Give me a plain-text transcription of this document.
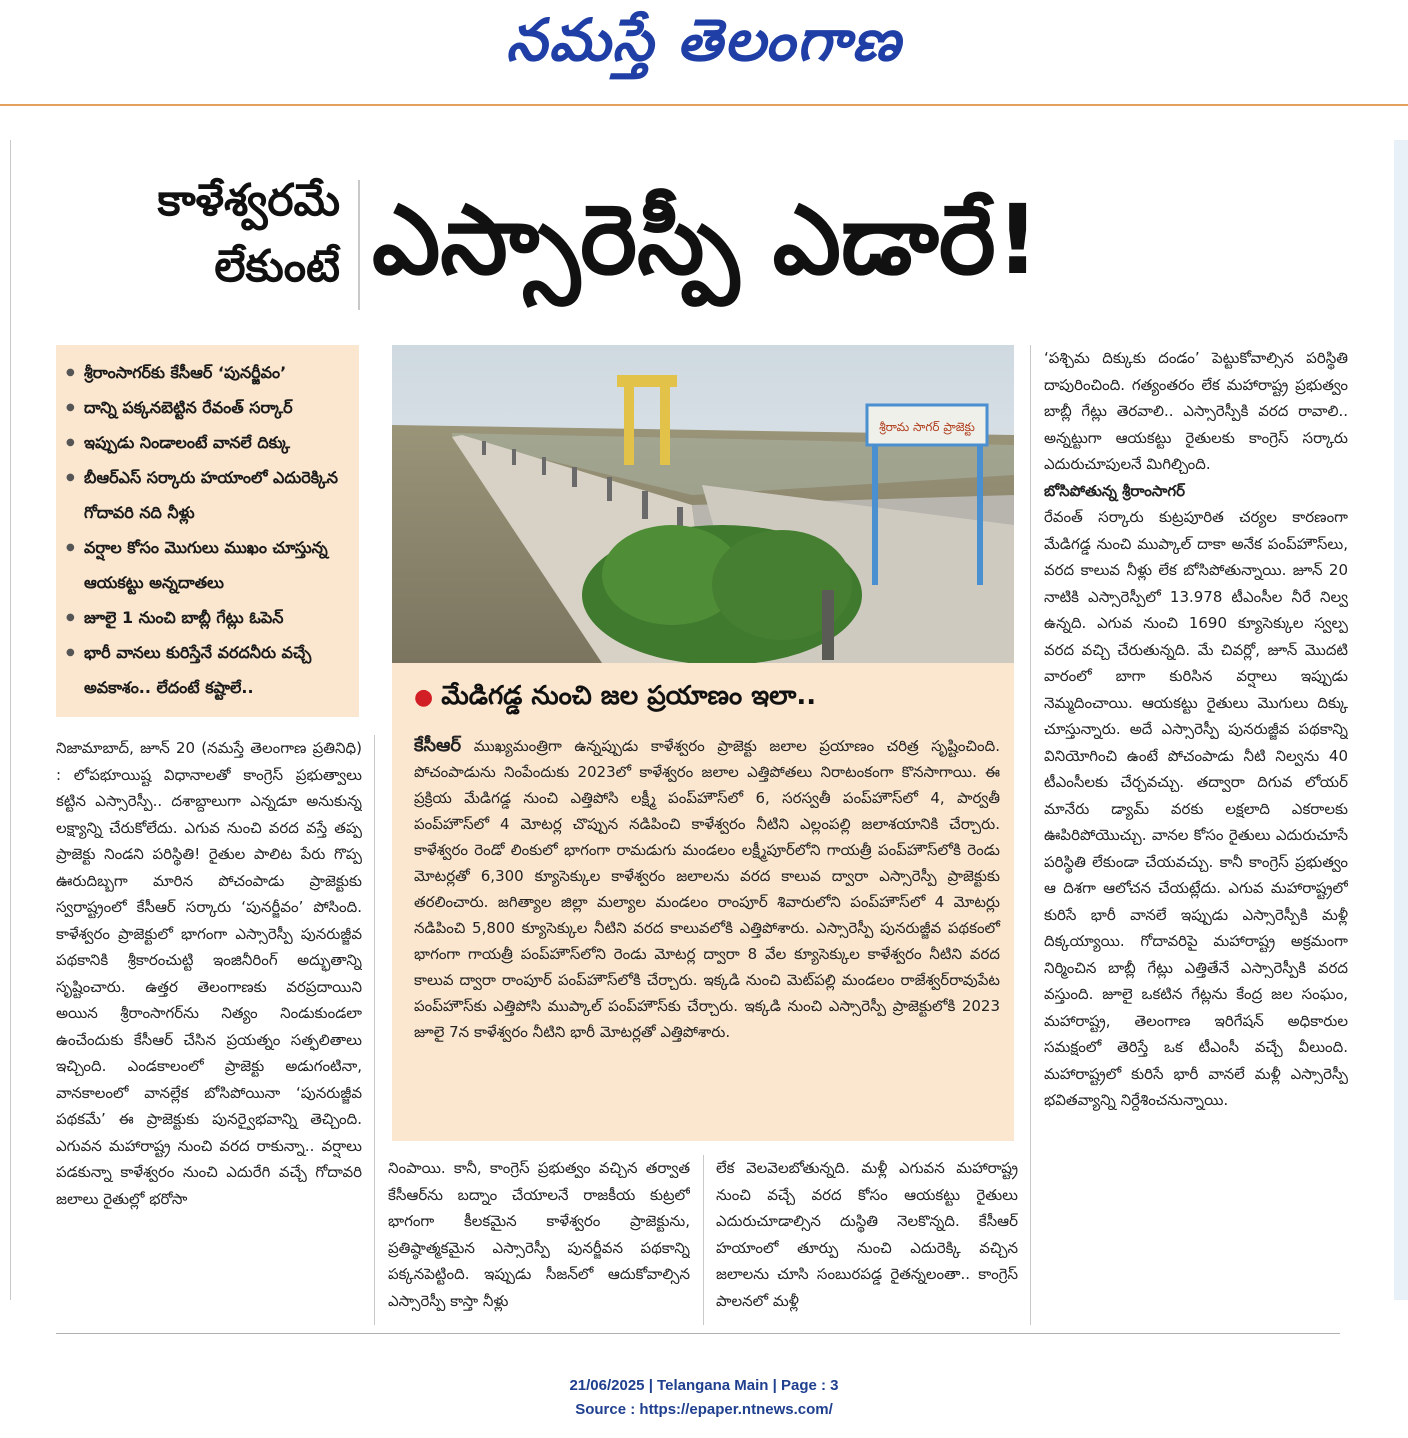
నమస్తే తెలంగాణ
కాళేశ్వరమే
లేకుంటే ఎస్సారెస్పీ ఎడారే!
● శ్రీరాంసాగర్‌కు కేసీఆర్ ‘పునర్జీవం’
● దాన్ని పక్కనబెట్టిన రేవంత్ సర్కార్
● ఇప్పుడు నిండాలంటే వానలే దిక్కు
● బీఆర్‌ఎస్ సర్కారు హయాంలో ఎదురెక్కిన గోదావరి నది నీళ్లు
● వర్షాల కోసం మొగులు ముఖం చూస్తున్న ఆయకట్టు అన్నదాతలు
● జూలై 1 నుంచి బాబ్లీ గేట్లు ఓపెన్
● భారీ వానలు కురిస్తేనే వరదనీరు వచ్చే అవకాశం.. లేదంటే కష్టాలే..
శ్రీరామ సాగర్ ప్రాజెక్టు
● మేడిగడ్డ నుంచి జల ప్రయాణం ఇలా..
కేసీఆర్ ముఖ్యమంత్రిగా ఉన్నప్పుడు కాళేశ్వరం ప్రాజెక్టు జలాల ప్రయాణం చరిత్ర సృష్టించింది. పోచంపాడును నింపేందుకు 2023లో కాళేశ్వరం జలాల ఎత్తిపోతలు నిరాటంకంగా కొనసాగాయి. ఈ ప్రక్రియ మేడిగడ్డ నుంచి ఎత్తిపోసి లక్ష్మీ పంప్‌హౌస్‌లో 6, సరస్వతీ పంప్‌హౌస్‌లో 4, పార్వతీ పంప్‌హౌస్‌లో 4 మోటర్ల చొప్పున నడిపించి కాళేశ్వరం నీటిని ఎల్లంపల్లి జలాశయానికి చేర్చారు. కాళేశ్వరం రెండో లింకులో భాగంగా రామడుగు మండలం లక్ష్మీపూర్‌లోని గాయత్రీ పంప్‌హౌస్‌లోకి రెండు మోటర్లతో 6,300 క్యూసెక్కుల కాళేశ్వరం జలాలను వరద కాలువ ద్వారా ఎస్సారెస్పీ ప్రాజెక్టుకు తరలించారు. జగిత్యాల జిల్లా మల్యాల మండలం రాంపూర్ శివారులోని పంప్‌హౌస్‌లో 4 మోటర్లు నడిపించి 5,800 క్యూసెక్కుల నీటిని వరద కాలువలోకి ఎత్తిపోశారు. ఎస్సారెస్పీ పునరుజ్జీవ పథకంలో భాగంగా గాయత్రీ పంప్‌హౌస్‌లోని రెండు మోటర్ల ద్వారా 8 వేల క్యూసెక్కుల కాళేశ్వరం నీటిని వరద కాలువ ద్వారా రాంపూర్ పంప్‌హౌస్‌లోకి చేర్చారు. ఇక్కడి నుంచి మెట్‌పల్లి మండలం రాజేశ్వర్‌రావుపేట పంప్‌హౌస్‌కు ఎత్తిపోసి ముప్కాల్ పంప్‌హౌస్‌కు చేర్చారు. ఇక్కడి నుంచి ఎస్సారెస్పీ ప్రాజెక్టులోకి 2023 జూలై 7న కాళేశ్వరం నీటిని భారీ మోటర్లతో ఎత్తిపోశారు.

నిజామాబాద్, జూన్ 20 (నమస్తే తెలంగాణ ప్రతినిధి) : లోపభూయిష్ట విధానాలతో కాంగ్రెస్ ప్రభుత్వాలు కట్టిన ఎస్సారెస్పీ.. దశాబ్దాలుగా ఎన్నడూ అనుకున్న లక్ష్యాన్ని చేరుకోలేదు. ఎగువ నుంచి వరద వస్తే తప్ప ప్రాజెక్టు నిండని పరిస్థితి! రైతుల పాలిట పేరు గొప్ప ఊరుదిబ్బగా మారిన పోచంపాడు ప్రాజెక్టుకు స్వరాష్ట్రంలో కేసీఆర్ సర్కారు ‘పునర్జీవం’ పోసింది. కాళేశ్వరం ప్రాజెక్టులో భాగంగా ఎస్సారెస్పీ పునరుజ్జీవ పథకానికి శ్రీకారంచుట్టి ఇంజినీరింగ్ అద్భుతాన్ని సృష్టించారు. ఉత్తర తెలంగాణకు వరప్రదాయిని అయిన శ్రీరాంసాగర్‌ను నిత్యం నిండుకుండలా ఉంచేందుకు కేసీఆర్ చేసిన ప్రయత్నం సత్ఫలితాలు ఇచ్చింది. ఎండకాలంలో ప్రాజెక్టు అడుగంటినా, వానకాలంలో వానల్లేక బోసిపోయినా ‘పునరుజ్జీవ పథకమే’ ఈ ప్రాజెక్టుకు పునర్వైభవాన్ని తెచ్చింది. ఎగువన మహారాష్ట్ర నుంచి వరద రాకున్నా.. వర్షాలు పడకున్నా కాళేశ్వరం నుంచి ఎదురేగి వచ్చే గోదావరి జలాలు రైతుల్లో భరోసా

నింపాయి. కానీ, కాంగ్రెస్ ప్రభుత్వం వచ్చిన తర్వాత కేసీఆర్‌ను బద్నాం చేయాలనే రాజకీయ కుట్రలో భాగంగా కీలకమైన కాళేశ్వరం ప్రాజెక్టును, ప్రతిష్ఠాత్మకమైన ఎస్సారెస్పీ పునర్జీవన పథకాన్ని పక్కనపెట్టింది. ఇప్పుడు సీజన్‌లో ఆదుకోవాల్సిన ఎస్సారెస్పీ కాస్తా నీళ్లు

లేక వెలవెలబోతున్నది. మళ్లీ ఎగువన మహారాష్ట్ర నుంచి వచ్చే వరద కోసం ఆయకట్టు రైతులు ఎదురుచూడాల్సిన దుస్థితి నెలకొన్నది. కేసీఆర్ హయాంలో తూర్పు నుంచి ఎదురెక్కి వచ్చిన జలాలను చూసి సంబురపడ్డ రైతన్నలంతా.. కాంగ్రెస్ పాలనలో మళ్లీ

‘పశ్చిమ దిక్కుకు దండం’ పెట్టుకోవాల్సిన పరిస్థితి దాపురించింది. గత్యంతరం లేక మహారాష్ట్ర ప్రభుత్వం బాబ్లీ గేట్లు తెరవాలి.. ఎస్సారెస్పీకి వరద రావాలి.. అన్నట్టుగా ఆయకట్టు రైతులకు కాంగ్రెస్ సర్కారు ఎదురుచూపులనే మిగిల్చింది.

బోసిపోతున్న శ్రీరాంసాగర్

రేవంత్ సర్కారు కుట్రపూరిత చర్యల కారణంగా మేడిగడ్డ నుంచి ముప్కాల్ దాకా అనేక పంప్‌హౌస్‌లు, వరద కాలువ నీళ్లు లేక బోసిపోతున్నాయి. జూన్ 20 నాటికి ఎస్సారెస్పీలో 13.978 టీఎంసీల నీరే నిల్వ ఉన్నది. ఎగువ నుంచి 1690 క్యూసెక్కుల స్వల్ప వరద వచ్చి చేరుతున్నది. మే చివర్లో, జూన్ మొదటి వారంలో బాగా కురిసిన వర్షాలు ఇప్పుడు నెమ్మదించాయి. ఆయకట్టు రైతులు మొగులు దిక్కు చూస్తున్నారు. అదే ఎస్సారెస్పీ పునరుజ్జీవ పథకాన్ని వినియోగించి ఉంటే పోచంపాడు నీటి నిల్వను 40 టీఎంసీలకు చేర్చవచ్చు. తద్వారా దిగువ లోయర్ మానేరు డ్యామ్ వరకు లక్షలాది ఎకరాలకు ఊపిరిపోయొచ్చు. వానల కోసం రైతులు ఎదురుచూసే పరిస్థితి లేకుండా చేయవచ్చు. కానీ కాంగ్రెస్ ప్రభుత్వం ఆ దిశగా ఆలోచన చేయట్లేదు. ఎగువ మహారాష్ట్రలో కురిసే భారీ వానలే ఇప్పుడు ఎస్సారెస్పీకి మళ్లీ దిక్కయ్యాయి. గోదావరిపై మహారాష్ట్ర అక్రమంగా నిర్మించిన బాబ్లీ గేట్లు ఎత్తితేనే ఎస్సారెస్పీకి వరద వస్తుంది. జూలై ఒకటిన గేట్లను కేంద్ర జల సంఘం, మహారాష్ట్ర, తెలంగాణ ఇరిగేషన్ అధికారుల సమక్షంలో తెరిస్తే ఒక టీఎంసీ వచ్చే వీలుంది. మహారాష్ట్రలో కురిసే భారీ వానలే మళ్లీ ఎస్సారెస్పీ భవితవ్యాన్ని నిర్దేశించనున్నాయి.

21/06/2025 | Telangana Main | Page : 3
Source : https://epaper.ntnews.com/
